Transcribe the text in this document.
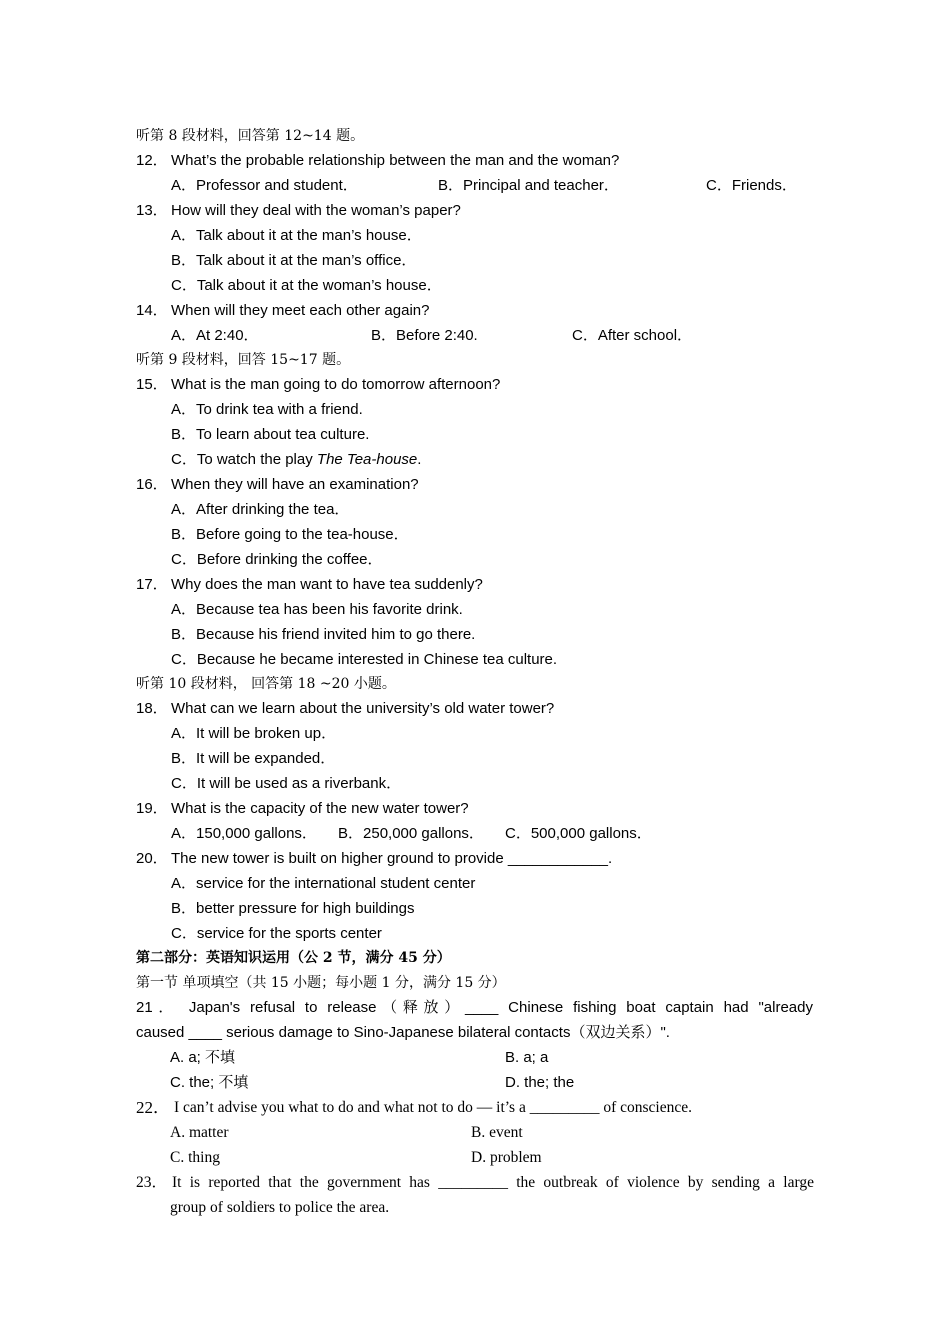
听第 8 段材料，回答第 12~14 题。
12． What’s the probable relationship between the man and the woman?
A．Professor and student．	B．Principal and teacher．	C．Friends．
13． How will they deal with the woman’s paper?
A．Talk about it at the man’s house．
B．Talk about it at the man’s office．
C．Talk about it at the woman’s house．
14． When will they meet each other again?
A．At 2:40．	B．Before 2:40.	C．After school．
听第 9 段材料，回答 15~17 题。
15． What is the man going to do tomorrow afternoon?
A．To drink tea with a friend.
B．To learn about tea culture.
C．To watch the play The Tea-house.
16． When they will have an examination?
A．After drinking the tea．
B．Before going to the tea-house．
C．Before drinking the coffee．
17． Why does the man want to have tea suddenly?
A．Because tea has been his favorite drink.
B．Because his friend invited him to go there.
C．Because he became interested in Chinese tea culture.
听第 10 段材料， 回答第 18 ~20 小题。
18． What can we learn about the university’s old water tower?
A．It will be broken up．
B．It will be expanded．
C．It will be used as a riverbank．
19． What is the capacity of the new water tower?
A．150,000 gallons． B．250,000 gallons． C．500,000 gallons．
20． The new tower is built on higher ground to provide ____________.
A．service for the international student center
B．better pressure for high buildings
C．service for the sports center
第二部分：英语知识运用（公 2 节，满分 45 分）
第一节 单项填空（共 15 小题；每小题 1 分，满分 15 分）
21． Japan's refusal to release（释放）____ Chinese fishing boat captain had "already
caused ____ serious damage to Sino-Japanese bilateral contacts（双边关系）".
A. a; 不填	B. a; a
C. the; 不填	D. the; the
22． I can’t advise you what to do and what not to do — it’s a _________ of conscience.
A. matter	B. event
C. thing	D. problem
23． It is reported that the government has _________ the outbreak of violence by sending a large
group of soldiers to police the area.
